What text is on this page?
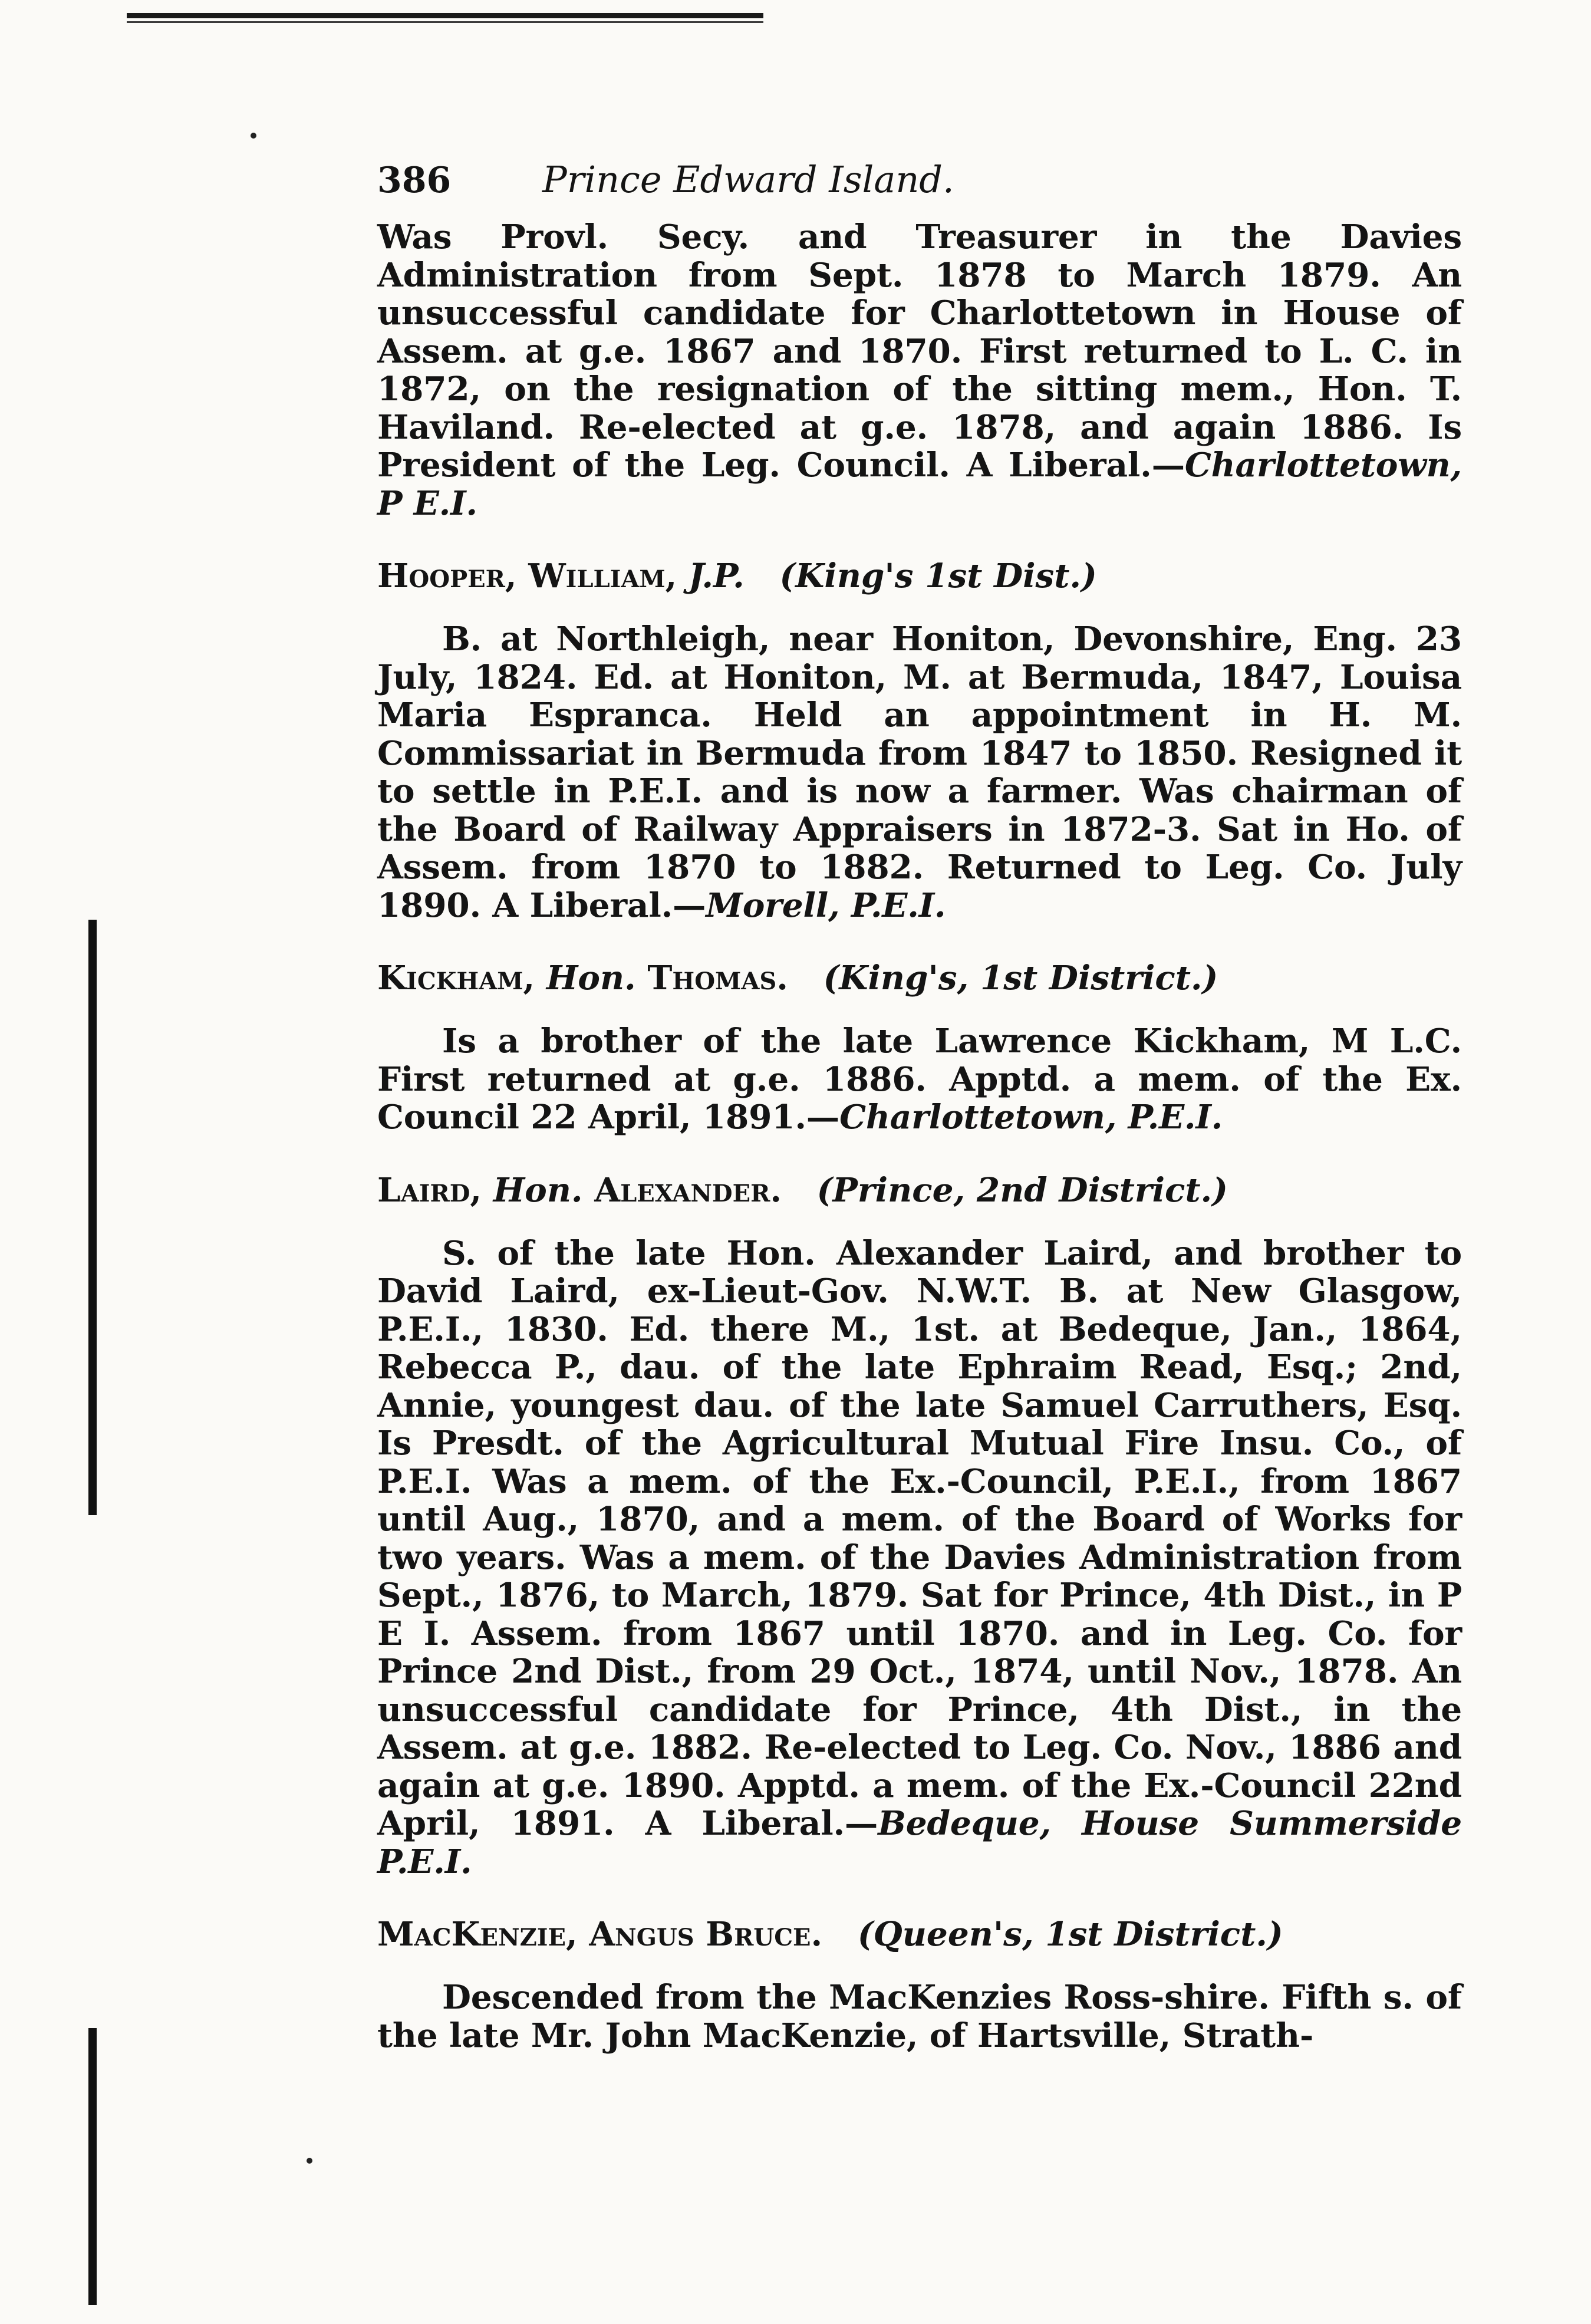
386	Prince Edward Island.

Was Provl. Secy. and Treasurer in the Davies Administration from Sept. 1878 to March 1879. An unsuccessful candidate for Charlottetown in House of Assem. at g.e. 1867 and 1870. First returned to L. C. in 1872, on the resignation of the sitting mem., Hon. T. Haviland. Re-elected at g.e. 1878, and again 1886. Is President of the Leg. Council. A Liberal.—Charlottetown, P E.I.

Hooper, William, J.P. (King's 1st Dist.)

B. at Northleigh, near Honiton, Devonshire, Eng. 23 July, 1824. Ed. at Honiton, M. at Bermuda, 1847, Louisa Maria Espranca. Held an appointment in H. M. Commissariat in Bermuda from 1847 to 1850. Resigned it to settle in P.E.I. and is now a farmer. Was chairman of the Board of Railway Appraisers in 1872-3. Sat in Ho. of Assem. from 1870 to 1882. Returned to Leg. Co. July 1890. A Liberal.—Morell, P.E.I.

Kickham, Hon. Thomas. (King's, 1st District.)

Is a brother of the late Lawrence Kickham, M L.C. First returned at g.e. 1886. Apptd. a mem. of the Ex. Council 22 April, 1891.—Charlottetown, P.E.I.

Laird, Hon. Alexander. (Prince, 2nd District.)

S. of the late Hon. Alexander Laird, and brother to David Laird, ex-Lieut-Gov. N.W.T. B. at New Glasgow, P.E.I., 1830. Ed. there M., 1st. at Bedeque, Jan., 1864, Rebecca P., dau. of the late Ephraim Read, Esq.; 2nd, Annie, youngest dau. of the late Samuel Carruthers, Esq. Is Presdt. of the Agricultural Mutual Fire Insu. Co., of P.E.I. Was a mem. of the Ex.-Council, P.E.I., from 1867 until Aug., 1870, and a mem. of the Board of Works for two years. Was a mem. of the Davies Administration from Sept., 1876, to March, 1879. Sat for Prince, 4th Dist., in P E I. Assem. from 1867 until 1870. and in Leg. Co. for Prince 2nd Dist., from 29 Oct., 1874, until Nov., 1878. An unsuccessful candidate for Prince, 4th Dist., in the Assem. at g.e. 1882. Re-elected to Leg. Co. Nov., 1886 and again at g.e. 1890. Apptd. a mem. of the Ex.-Council 22nd April, 1891. A Liberal.—Bedeque, House Summerside P.E.I.

MacKenzie, Angus Bruce. (Queen's, 1st District.)

Descended from the MacKenzies Ross-shire. Fifth s. of the late Mr. John MacKenzie, of Hartsville, Strath-
